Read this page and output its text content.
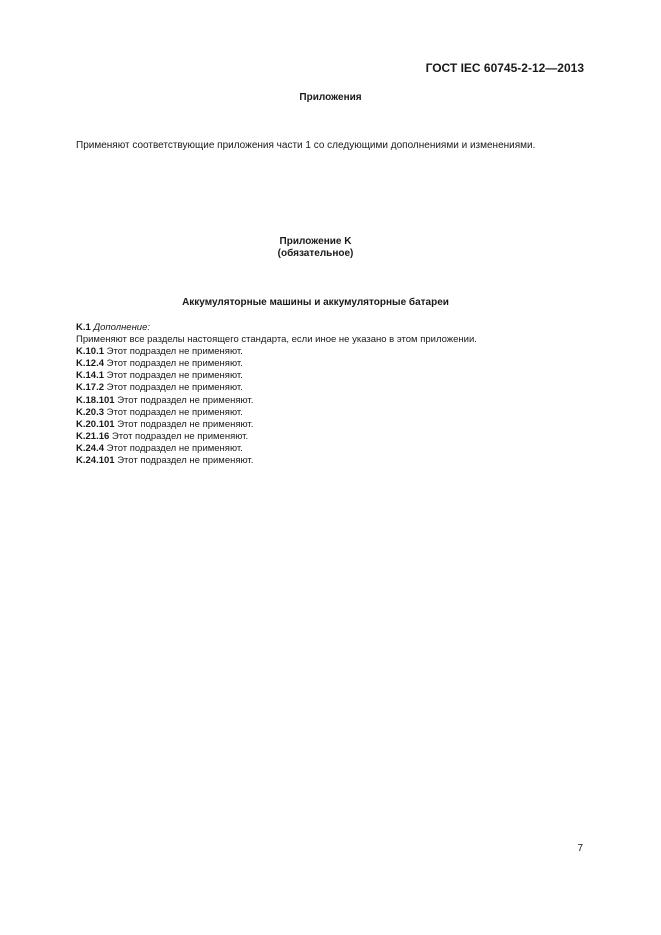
ГОСТ IEC 60745-2-12—2013
Приложения
Применяют соответствующие приложения части 1 со следующими дополнениями и изменениями.
Приложение K
(обязательное)
Аккумуляторные машины и аккумуляторные батареи
K.1 Дополнение:
Применяют все разделы настоящего стандарта, если иное не указано в этом приложении.
K.10.1 Этот подраздел не применяют.
K.12.4 Этот подраздел не применяют.
K.14.1 Этот подраздел не применяют.
K.17.2 Этот подраздел не применяют.
K.18.101 Этот подраздел не применяют.
K.20.3 Этот подраздел не применяют.
K.20.101 Этот подраздел не применяют.
K.21.16 Этот подраздел не применяют.
K.24.4 Этот подраздел не применяют.
K.24.101 Этот подраздел не применяют.
7
